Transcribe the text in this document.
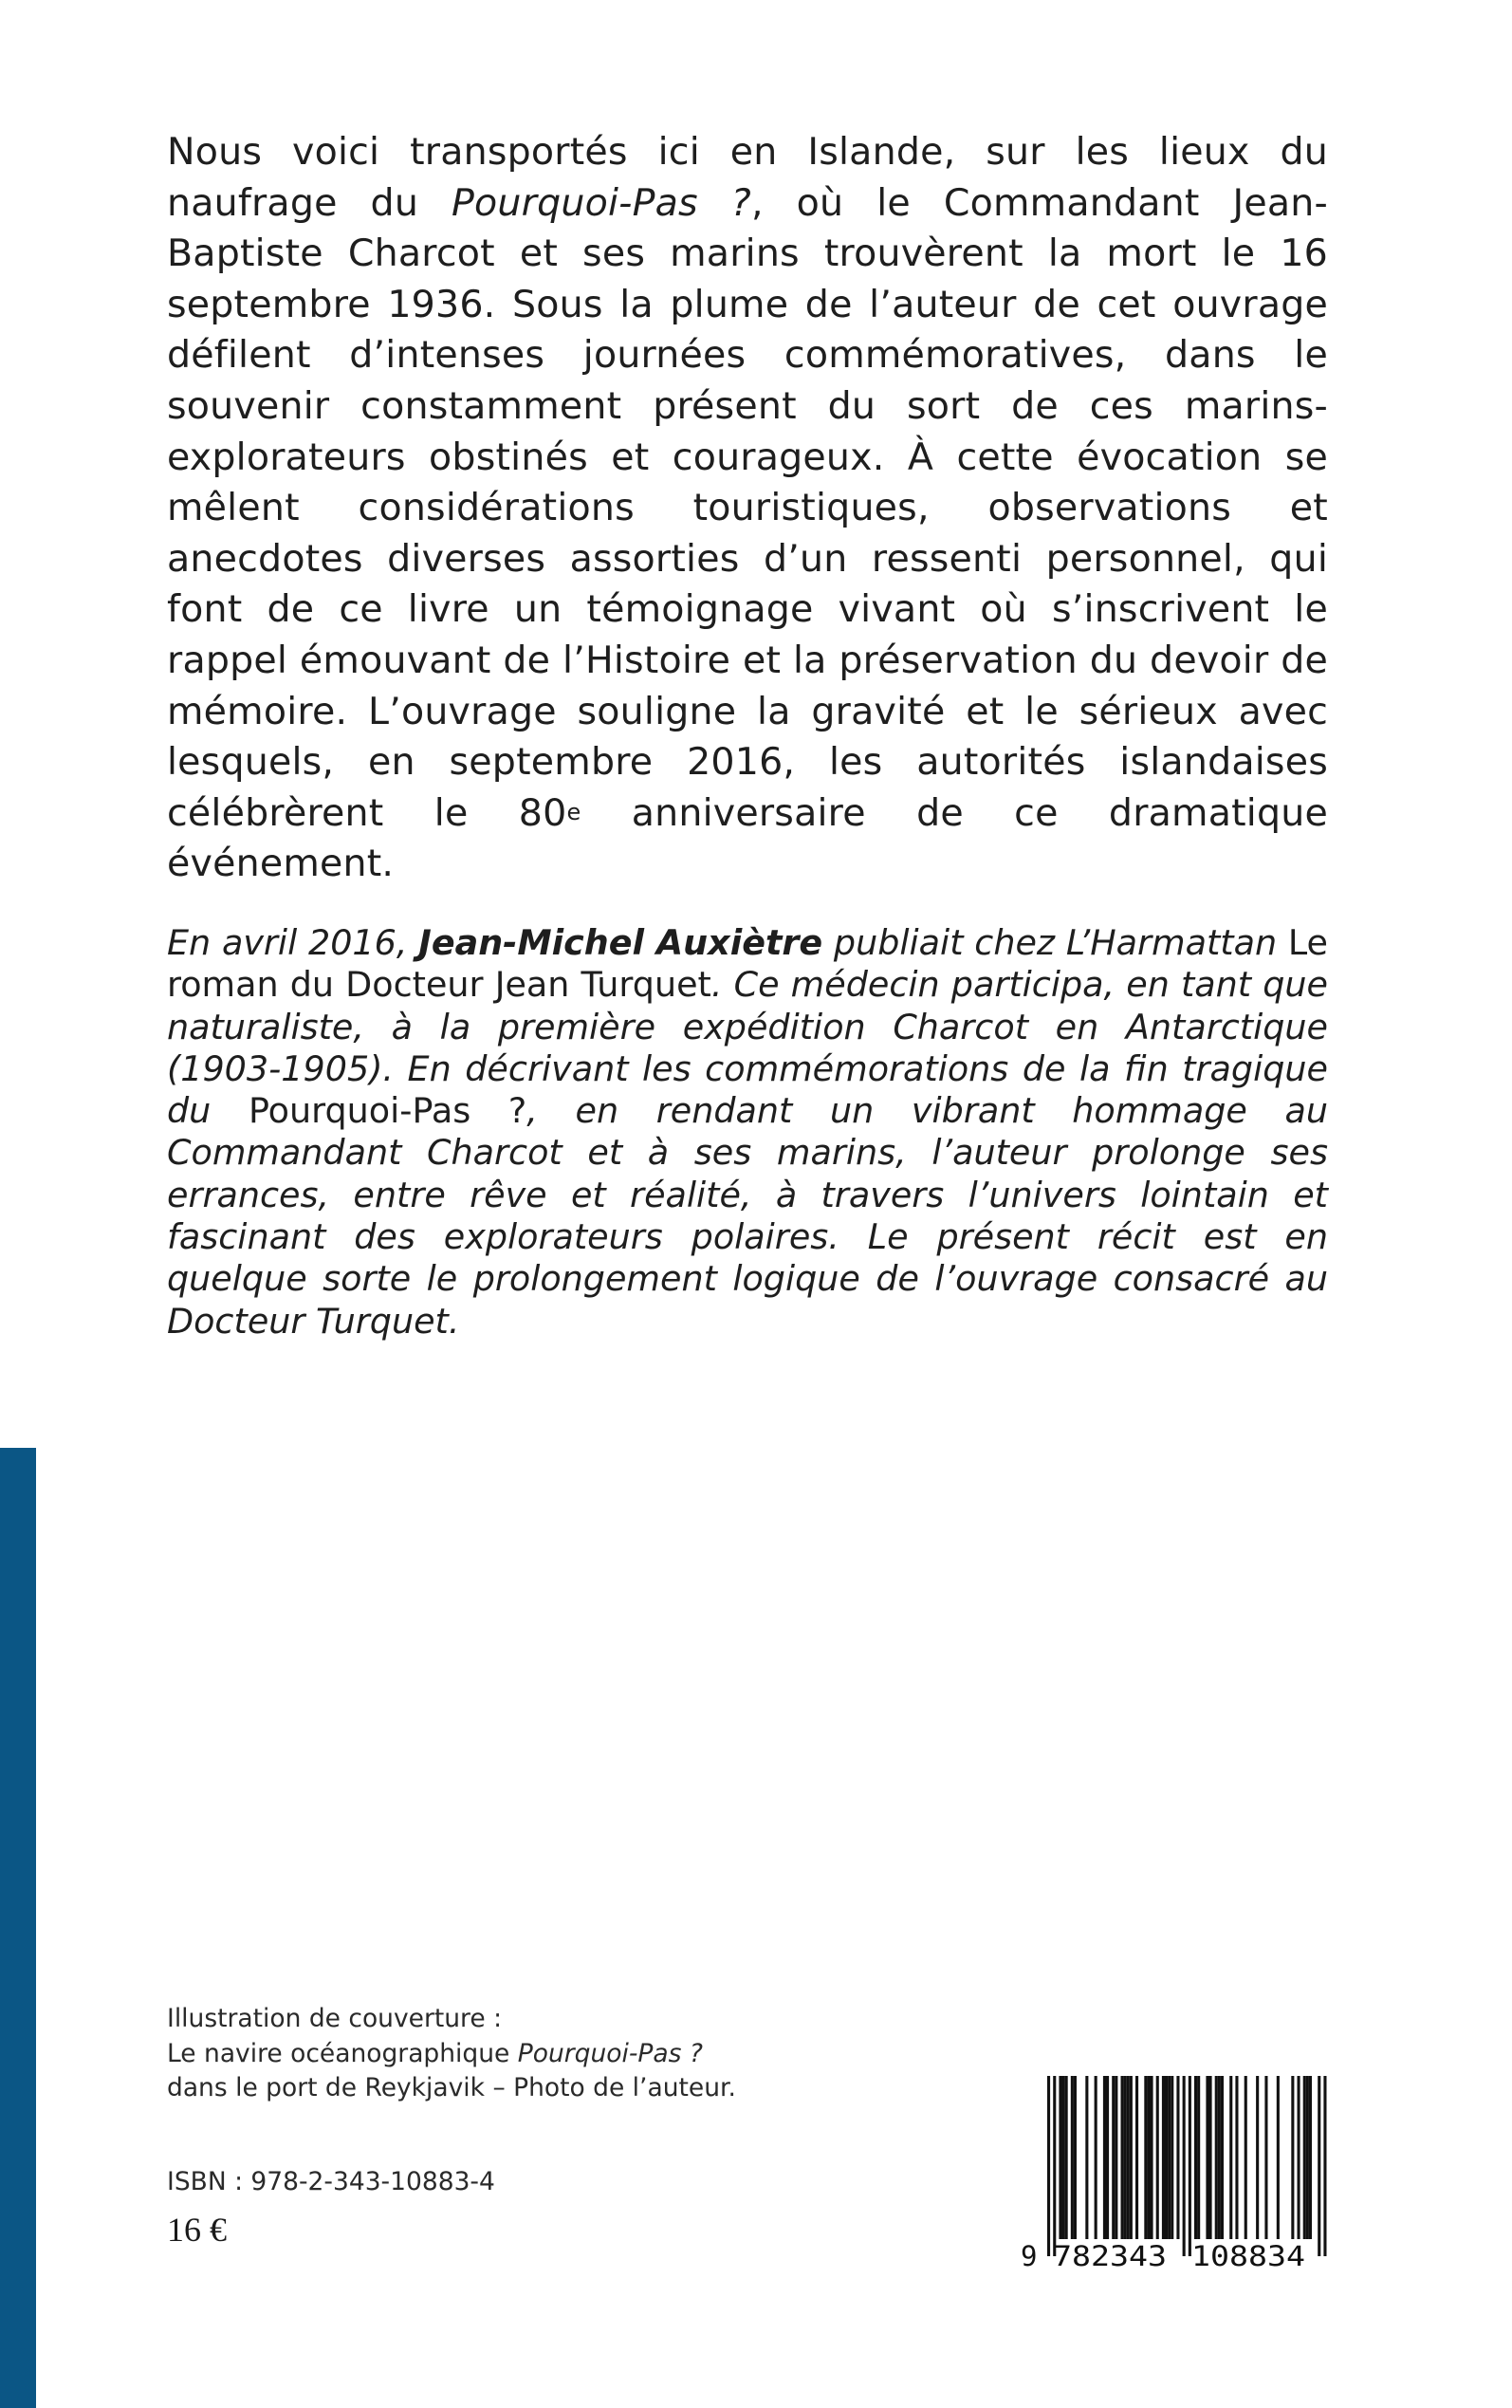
Nous voici transportés ici en Islande, sur les lieux du naufrage du Pourquoi-Pas ?, où le Commandant Jean-Baptiste Charcot et ses marins trouvèrent la mort le 16 septembre 1936. Sous la plume de l’auteur de cet ouvrage défilent d’intenses journées commémoratives, dans le souvenir constamment présent du sort de ces marins-explorateurs obstinés et courageux. À cette évocation se mêlent considérations touristiques, observations et anecdotes diverses assorties d’un ressenti personnel, qui font de ce livre un témoignage vivant où s’inscrivent le rappel émouvant de l’Histoire et la préservation du devoir de mémoire. L’ouvrage souligne la gravité et le sérieux avec lesquels, en septembre 2016, les autorités islandaises célébrèrent le 80e anniversaire de ce dramatique événement.

En avril 2016, Jean-Michel Auxiètre publiait chez L’Harmattan Le roman du Docteur Jean Turquet. Ce médecin participa, en tant que naturaliste, à la première expédition Charcot en Antarctique (1903-1905). En décrivant les commémorations de la fin tragique du Pourquoi-Pas ?, en rendant un vibrant hommage au Commandant Charcot et à ses marins, l’auteur prolonge ses errances, entre rêve et réalité, à travers l’univers lointain et fascinant des explorateurs polaires. Le présent récit est en quelque sorte le prolongement logique de l’ouvrage consacré au Docteur Turquet.

Illustration de couverture :
Le navire océanographique Pourquoi-Pas ?
dans le port de Reykjavik – Photo de l’auteur.
ISBN : 978-2-343-10883-4
16 €
9 782343 108834
